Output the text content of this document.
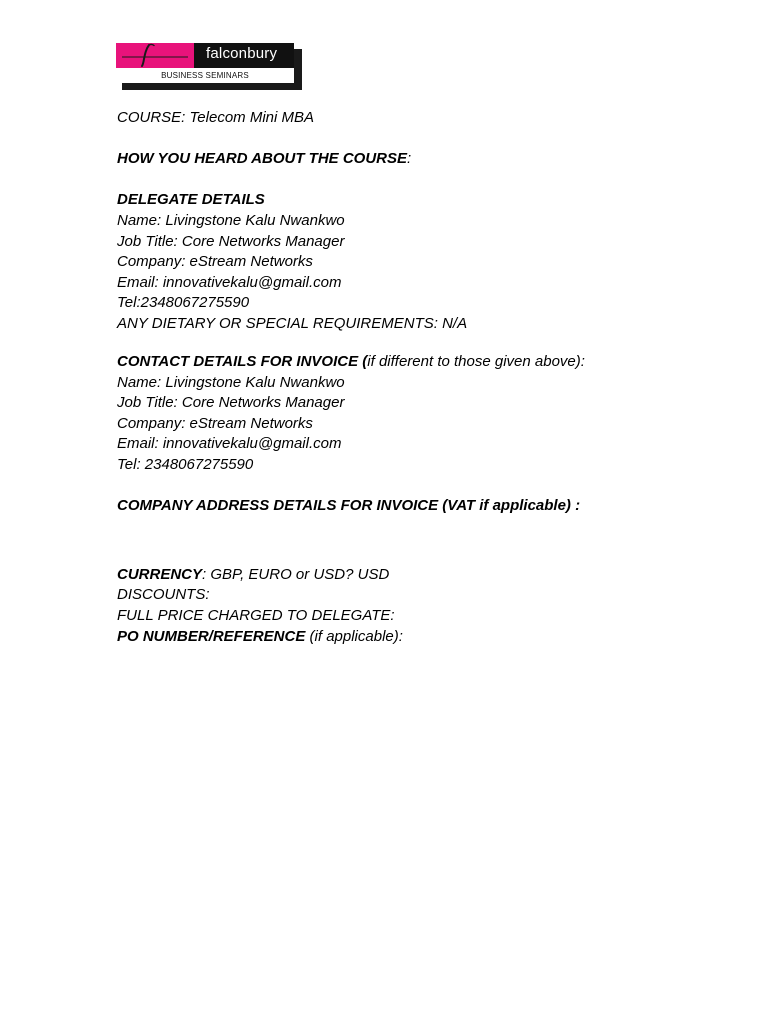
falconbury
BUSINESS SEMINARS
COURSE: Telecom Mini MBA
HOW YOU HEARD ABOUT THE COURSE:
DELEGATE DETAILS
Name: Livingstone Kalu Nwankwo
Job Title: Core Networks Manager
Company: eStream Networks
Email: innovativekalu@gmail.com
Tel:2348067275590
ANY DIETARY OR SPECIAL REQUIREMENTS: N/A
CONTACT DETAILS FOR INVOICE (if different to those given above):
Name: Livingstone Kalu Nwankwo
Job Title: Core Networks Manager
Company: eStream Networks
Email: innovativekalu@gmail.com
Tel: 2348067275590
COMPANY ADDRESS DETAILS FOR INVOICE (VAT if applicable) :
CURRENCY: GBP, EURO or USD? USD
DISCOUNTS:
FULL PRICE CHARGED TO DELEGATE:
PO NUMBER/REFERENCE (if applicable):
